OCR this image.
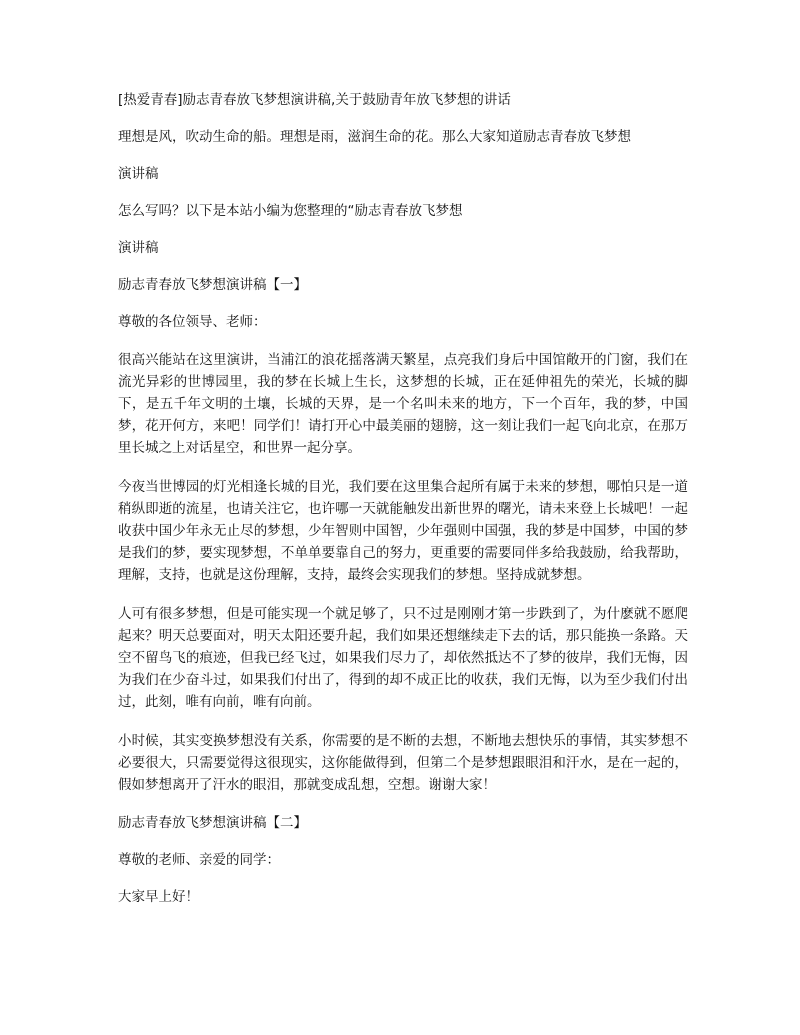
[热爱青春]励志青春放飞梦想演讲稿,关于鼓励青年放飞梦想的讲话
理想是风，吹动生命的船。理想是雨，滋润生命的花。那么大家知道励志青春放飞梦想
演讲稿
怎么写吗？以下是本站小编为您整理的“励志青春放飞梦想
演讲稿
励志青春放飞梦想演讲稿【一】
尊敬的各位领导、老师：

很高兴能站在这里演讲，当浦江的浪花摇落满天繁星，点亮我们身后中国馆敞开的门窗，我们在流光异彩的世博园里，我的梦在长城上生长，这梦想的长城，正在延伸祖先的荣光，长城的脚下，是五千年文明的土壤，长城的天界，是一个名叫未来的地方，下一个百年，我的梦，中国梦，花开何方，来吧！同学们！请打开心中最美丽的翅膀，这一刻让我们一起飞向北京，在那万里长城之上对话星空，和世界一起分享。

今夜当世博园的灯光相逢长城的目光，我们要在这里集合起所有属于未来的梦想，哪怕只是一道稍纵即逝的流星，也请关注它，也许哪一天就能触发出新世界的曙光，请未来登上长城吧！一起收获中国少年永无止尽的梦想，少年智则中国智，少年强则中国强，我的梦是中国梦，中国的梦是我们的梦，要实现梦想，不单单要靠自己的努力，更重要的需要同伴多给我鼓励，给我帮助，理解，支持，也就是这份理解，支持，最终会实现我们的梦想。坚持成就梦想。

人可有很多梦想，但是可能实现一个就足够了，只不过是刚刚才第一步跌到了，为什麽就不愿爬起来？明天总要面对，明天太阳还要升起，我们如果还想继续走下去的话，那只能换一条路。天空不留鸟飞的痕迹，但我已经飞过，如果我们尽力了，却依然抵达不了梦的彼岸，我们无悔，因为我们在少奋斗过，如果我们付出了，得到的却不成正比的收获，我们无悔，以为至少我们付出过，此刻，唯有向前，唯有向前。

小时候，其实变换梦想没有关系，你需要的是不断的去想，不断地去想快乐的事情，其实梦想不必要很大，只需要觉得这很现实，这你能做得到，但第二个是梦想跟眼泪和汗水，是在一起的，假如梦想离开了汗水的眼泪，那就变成乱想，空想。谢谢大家！

励志青春放飞梦想演讲稿【二】
尊敬的老师、亲爱的同学：
大家早上好！
